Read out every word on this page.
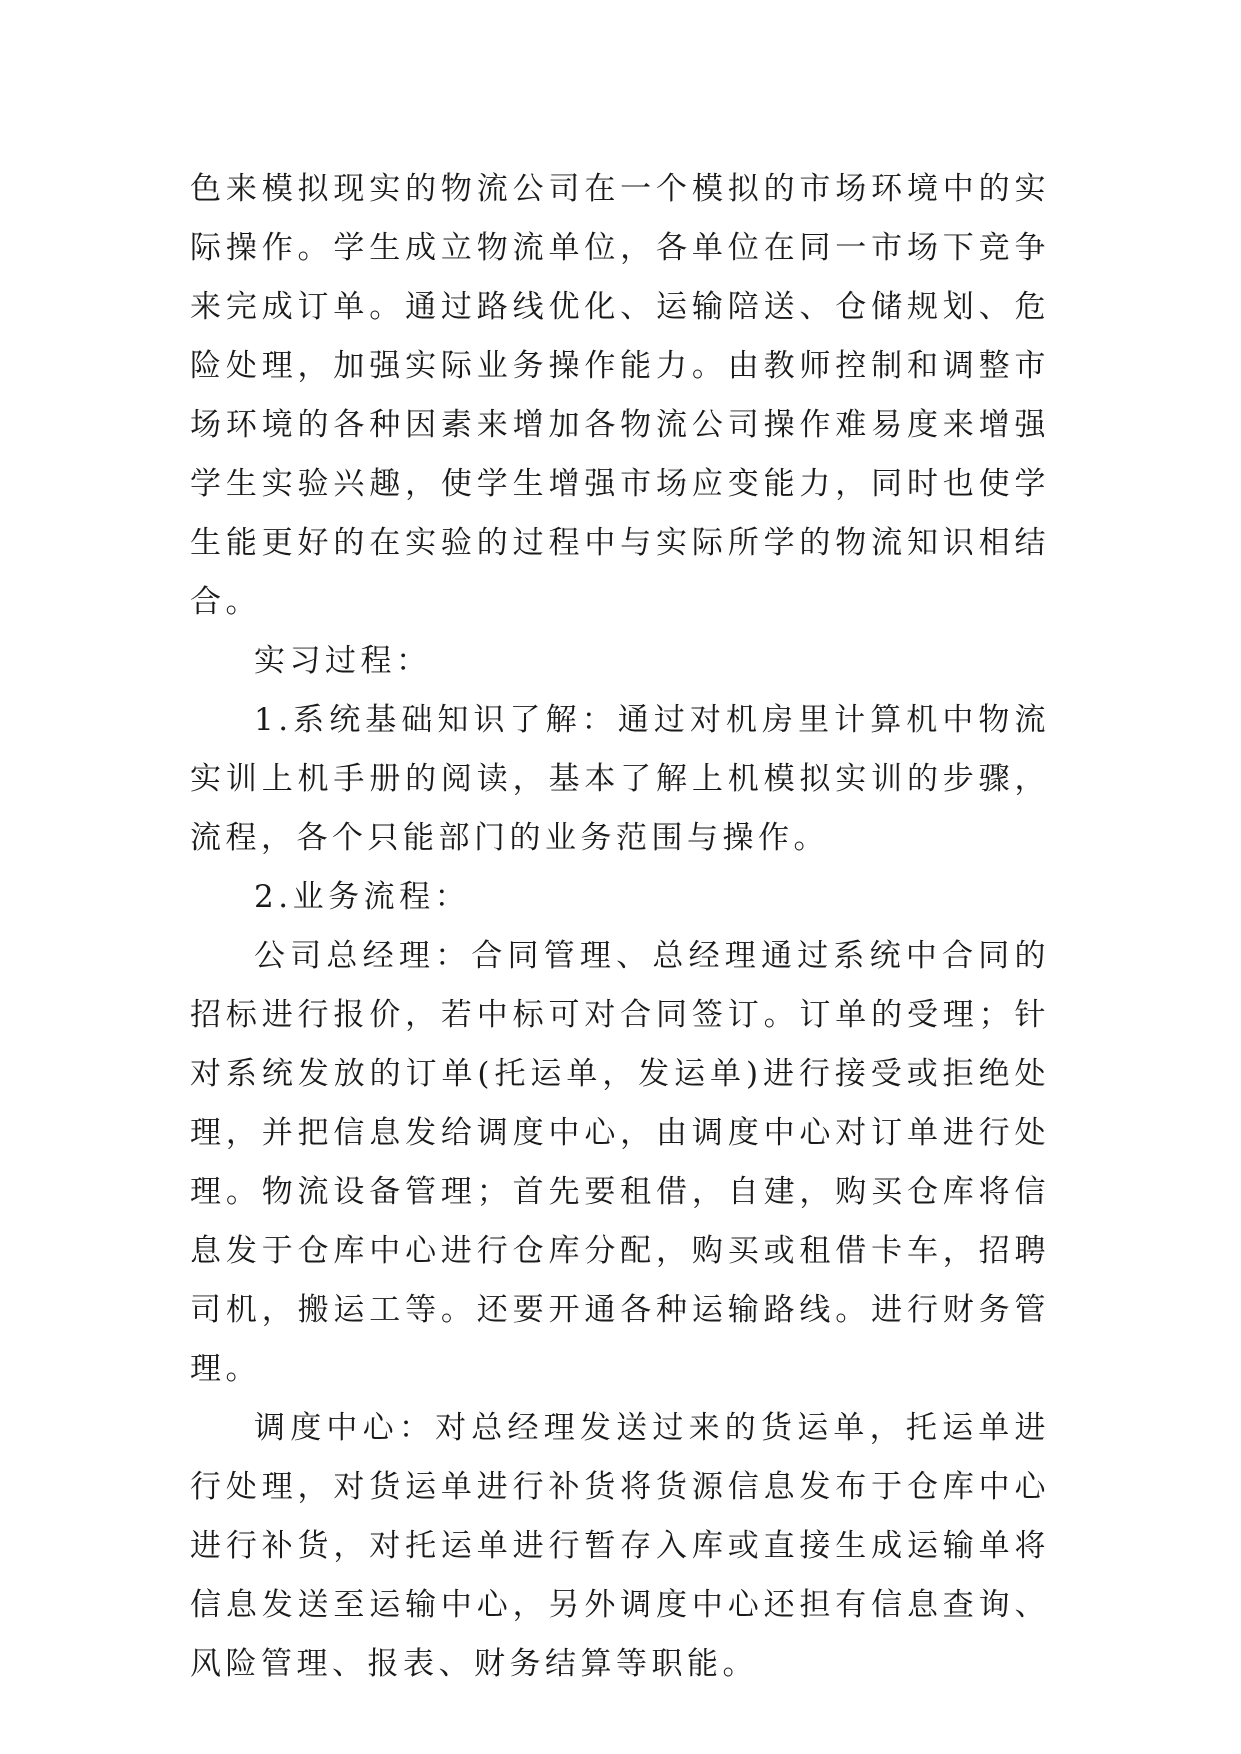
色来模拟现实的物流公司在一个模拟的市场环境中的实际操作。学生成立物流单位，各单位在同一市场下竞争来完成订单。通过路线优化、运输陪送、仓储规划、危险处理，加强实际业务操作能力。由教师控制和调整市场环境的各种因素来增加各物流公司操作难易度来增强学生实验兴趣，使学生增强市场应变能力，同时也使学生能更好的在实验的过程中与实际所学的物流知识相结合。

实习过程：

1.系统基础知识了解：通过对机房里计算机中物流实训上机手册的阅读，基本了解上机模拟实训的步骤，流程，各个只能部门的业务范围与操作。

2.业务流程：

公司总经理：合同管理、总经理通过系统中合同的招标进行报价，若中标可对合同签订。订单的受理；针对系统发放的订单(托运单，发运单)进行接受或拒绝处理，并把信息发给调度中心，由调度中心对订单进行处理。物流设备管理；首先要租借，自建，购买仓库将信息发于仓库中心进行仓库分配，购买或租借卡车，招聘司机，搬运工等。还要开通各种运输路线。进行财务管理。

调度中心：对总经理发送过来的货运单，托运单进行处理，对货运单进行补货将货源信息发布于仓库中心进行补货，对托运单进行暂存入库或直接生成运输单将信息发送至运输中心，另外调度中心还担有信息查询、风险管理、报表、财务结算等职能。
